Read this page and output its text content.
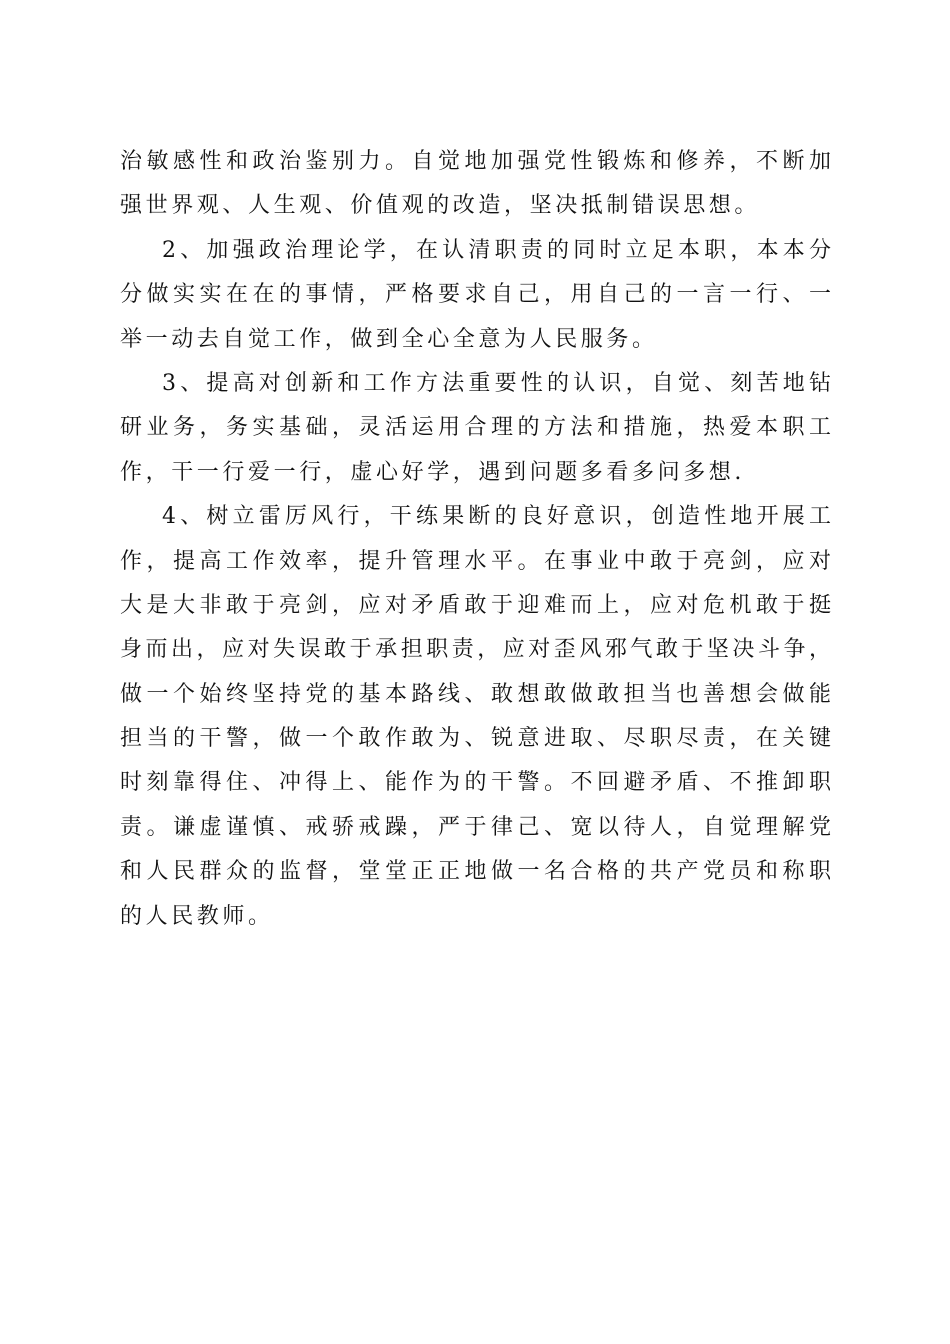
治敏感性和政治鉴别力。自觉地加强党性锻炼和修养，不断加
强世界观、人生观、价值观的改造，坚决抵制错误思想。
2、加强政治理论学，在认清职责的同时立足本职，本本分
分做实实在在的事情，严格要求自己，用自己的一言一行、一
举一动去自觉工作，做到全心全意为人民服务。
3、提高对创新和工作方法重要性的认识，自觉、刻苦地钻
研业务，务实基础，灵活运用合理的方法和措施，热爱本职工
作，干一行爱一行，虚心好学，遇到问题多看多问多想.
4、树立雷厉风行，干练果断的良好意识，创造性地开展工
作，提高工作效率，提升管理水平。在事业中敢于亮剑，应对
大是大非敢于亮剑，应对矛盾敢于迎难而上，应对危机敢于挺
身而出，应对失误敢于承担职责，应对歪风邪气敢于坚决斗争，
做一个始终坚持党的基本路线、敢想敢做敢担当也善想会做能
担当的干警，做一个敢作敢为、锐意进取、尽职尽责，在关键
时刻靠得住、冲得上、能作为的干警。不回避矛盾、不推卸职
责。谦虚谨慎、戒骄戒躁，严于律己、宽以待人，自觉理解党
和人民群众的监督，堂堂正正地做一名合格的共产党员和称职
的人民教师。
